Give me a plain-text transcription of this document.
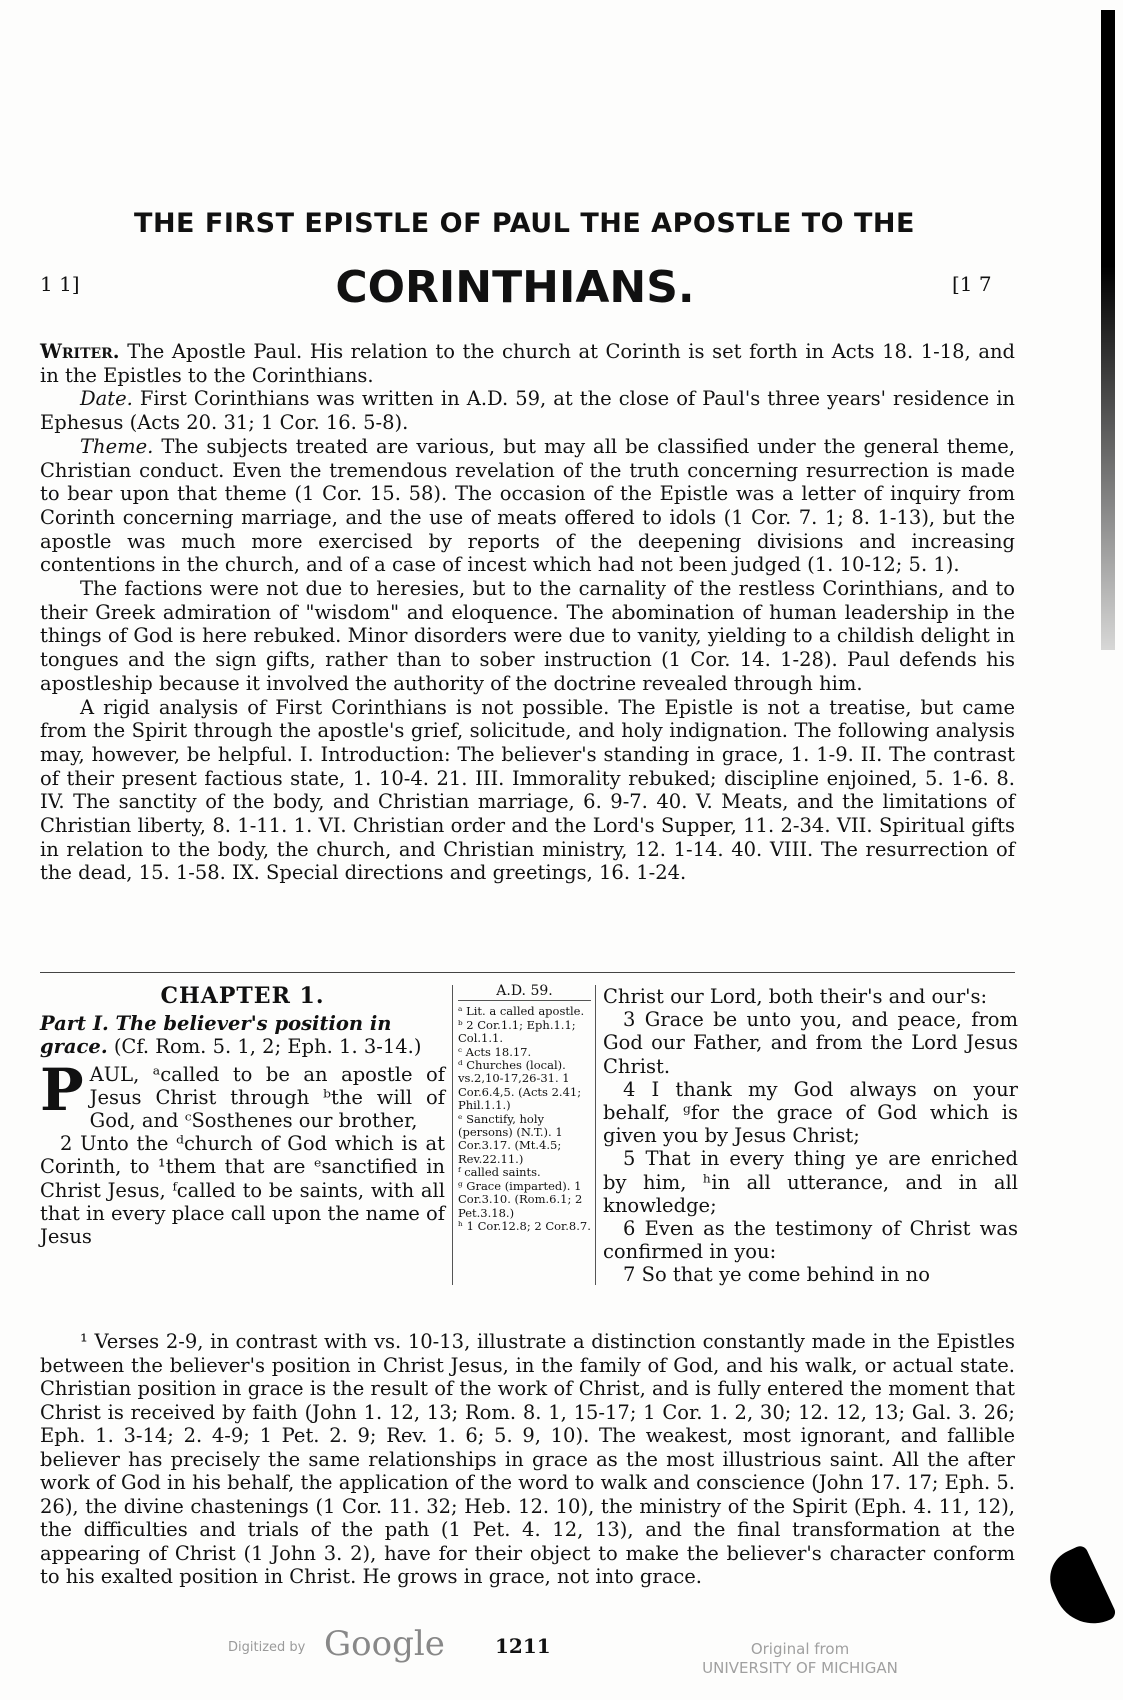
THE FIRST EPISTLE OF PAUL THE APOSTLE TO THE
1 1]	CORINTHIANS.	[1 7

Writer. The Apostle Paul. His relation to the church at Corinth is set forth in Acts 18. 1-18, and in the Epistles to the Corinthians.

Date. First Corinthians was written in A.D. 59, at the close of Paul's three years' residence in Ephesus (Acts 20. 31; 1 Cor. 16. 5-8).

Theme. The subjects treated are various, but may all be classified under the general theme, Christian conduct. Even the tremendous revelation of the truth concerning resurrection is made to bear upon that theme (1 Cor. 15. 58). The occasion of the Epistle was a letter of inquiry from Corinth concerning marriage, and the use of meats offered to idols (1 Cor. 7. 1; 8. 1-13), but the apostle was much more exercised by reports of the deepening divisions and increasing contentions in the church, and of a case of incest which had not been judged (1. 10-12; 5. 1).

The factions were not due to heresies, but to the carnality of the restless Corinthians, and to their Greek admiration of "wisdom" and eloquence. The abomination of human leadership in the things of God is here rebuked. Minor disorders were due to vanity, yielding to a childish delight in tongues and the sign gifts, rather than to sober instruction (1 Cor. 14. 1-28). Paul defends his apostleship because it involved the authority of the doctrine revealed through him.

A rigid analysis of First Corinthians is not possible. The Epistle is not a treatise, but came from the Spirit through the apostle's grief, solicitude, and holy indignation. The following analysis may, however, be helpful. I. Introduction: The believer's standing in grace, 1. 1-9. II. The contrast of their present factious state, 1. 10-4. 21. III. Immorality rebuked; discipline enjoined, 5. 1-6. 8. IV. The sanctity of the body, and Christian marriage, 6. 9-7. 40. V. Meats, and the limitations of Christian liberty, 8. 1-11. 1. VI. Christian order and the Lord's Supper, 11. 2-34. VII. Spiritual gifts in relation to the body, the church, and Christian ministry, 12. 1-14. 40. VIII. The resurrection of the dead, 15. 1-58. IX. Special directions and greetings, 16. 1-24.

CHAPTER 1.

Part I. The believer's position in grace. (Cf. Rom. 5. 1, 2; Eph. 1. 3-14.)

PAUL, ᵃcalled to be an apostle of Jesus Christ through ᵇthe will of God, and ᶜSosthenes our brother,

2 Unto the ᵈchurch of God which is at Corinth, to ¹them that are ᵉsanctified in Christ Jesus, ᶠcalled to be saints, with all that in every place call upon the name of Jesus

A.D. 59.

ᵃ Lit. a called apostle.

ᵇ 2 Cor.1.1; Eph.1.1; Col.1.1.

ᶜ Acts 18.17.

ᵈ Churches (local). vs.2,10-17,26-31. 1 Cor.6.4,5. (Acts 2.41; Phil.1.1.)

ᵉ Sanctify, holy (persons) (N.T.). 1 Cor.3.17. (Mt.4.5; Rev.22.11.)

ᶠ called saints.

ᵍ Grace (imparted). 1 Cor.3.10. (Rom.6.1; 2 Pet.3.18.)

ʰ 1 Cor.12.8; 2 Cor.8.7.

Christ our Lord, both their's and our's:

3 Grace be unto you, and peace, from God our Father, and from the Lord Jesus Christ.

4 I thank my God always on your behalf, ᵍfor the grace of God which is given you by Jesus Christ;

5 That in every thing ye are enriched by him, ʰin all utterance, and in all knowledge;

6 Even as the testimony of Christ was confirmed in you:

7 So that ye come behind in no

¹ Verses 2-9, in contrast with vs. 10-13, illustrate a distinction constantly made in the Epistles between the believer's position in Christ Jesus, in the family of God, and his walk, or actual state. Christian position in grace is the result of the work of Christ, and is fully entered the moment that Christ is received by faith (John 1. 12, 13; Rom. 8. 1, 15-17; 1 Cor. 1. 2, 30; 12. 12, 13; Gal. 3. 26; Eph. 1. 3-14; 2. 4-9; 1 Pet. 2. 9; Rev. 1. 6; 5. 9, 10). The weakest, most ignorant, and fallible believer has precisely the same relationships in grace as the most illustrious saint. All the after work of God in his behalf, the application of the word to walk and conscience (John 17. 17; Eph. 5. 26), the divine chastenings (1 Cor. 11. 32; Heb. 12. 10), the ministry of the Spirit (Eph. 4. 11, 12), the difficulties and trials of the path (1 Pet. 4. 12, 13), and the final transformation at the appearing of Christ (1 John 3. 2), have for their object to make the believer's character conform to his exalted position in Christ. He grows in grace, not into grace.

Digitized by Google	1211	Original from
UNIVERSITY OF MICHIGAN
